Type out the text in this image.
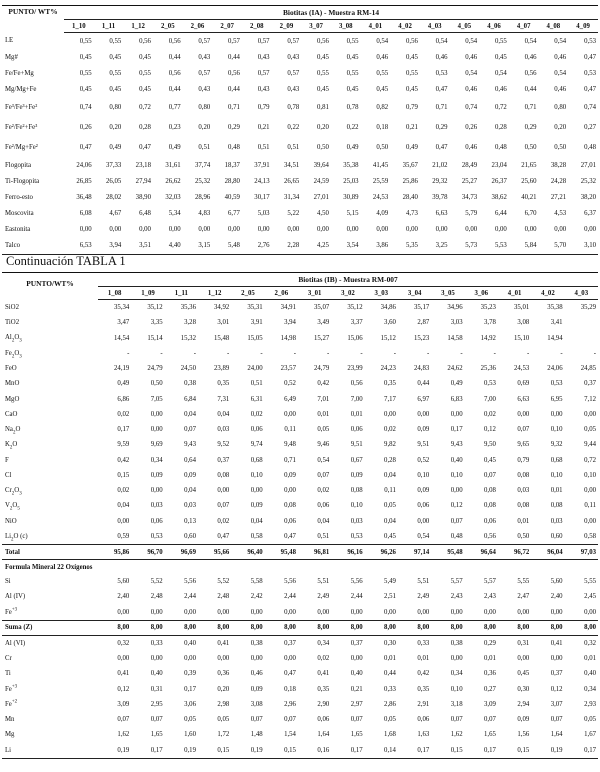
PUNTO/ WT%	Biotitas (IA) - Muestra RM-14																	
	1_10	1_11	1_12	2_05	2_06	2_07	2_08	2_09	3_07	3_08	4_01	4_02	4_03	4_05	4_06	4_07	4_08	4_09
I.E	0,55	0,55	0,56	0,56	0,57	0,57	0,57	0,57	0,56	0,55	0,54	0,56	0,54	0,54	0,55	0,54	0,54	0,53
Mg#	0,45	0,45	0,45	0,44	0,43	0,44	0,43	0,43	0,45	0,45	0,46	0,45	0,46	0,46	0,45	0,46	0,46	0,47
Fe/Fe+Mg	0,55	0,55	0,55	0,56	0,57	0,56	0,57	0,57	0,55	0,55	0,55	0,55	0,53	0,54	0,54	0,56	0,54	0,53
Mg/Mg+Fe	0,45	0,45	0,45	0,44	0,43	0,44	0,43	0,43	0,45	0,45	0,45	0,45	0,47	0,46	0,46	0,44	0,46	0,47
Fe³/Fe³+Fe²	0,74	0,80	0,72	0,77	0,80	0,71	0,79	0,78	0,81	0,78	0,82	0,79	0,71	0,74	0,72	0,71	0,80	0,74
Fe²/Fe²+Fe³	0,26	0,20	0,28	0,23	0,20	0,29	0,21	0,22	0,20	0,22	0,18	0,21	0,29	0,26	0,28	0,29	0,20	0,27
Fe²/Mg+Fe²	0,47	0,49	0,47	0,49	0,51	0,48	0,51	0,51	0,50	0,49	0,50	0,49	0,47	0,46	0,48	0,50	0,50	0,48
Flogopita	24,06	37,33	23,18	31,61	37,74	18,37	37,91	34,51	39,64	35,38	41,45	35,67	21,02	28,49	23,04	21,65	38,28	27,01
Ti-Flogopita	26,85	26,05	27,94	26,62	25,32	28,80	24,13	26,65	24,59	25,03	25,59	25,86	29,32	25,27	26,37	25,60	24,28	25,32
Ferro-esto	36,48	28,02	38,90	32,03	28,96	40,59	30,17	31,34	27,01	30,89	24,53	28,40	39,78	34,73	38,62	40,21	27,21	38,20
Moscovita	6,08	4,67	6,48	5,34	4,83	6,77	5,03	5,22	4,50	5,15	4,09	4,73	6,63	5,79	6,44	6,70	4,53	6,37
Eastonita	0,00	0,00	0,00	0,00	0,00	0,00	0,00	0,00	0,00	0,00	0,00	0,00	0,00	0,00	0,00	0,00	0,00	0,00
Talco	6,53	3,94	3,51	4,40	3,15	5,48	2,76	2,28	4,25	3,54	3,86	5,35	3,25	5,73	5,53	5,84	5,70	3,10
Continuación TABLA 1
PUNTO/WT%	Biotitas (IB) - Muestra RM-007														
	1_08	1_09	1_11	1_12	2_05	2_06	3_01	3_02	3_03	3_04	3_05	3_06	4_01	4_02	4_03
SiO2	35,34	35,12	35,36	34,92	35,31	34,91	35,07	35,12	34,86	35,17	34,96	35,23	35,01	35,38	35,29
TiO2	3,47	3,35	3,28	3,01	3,91	3,94	3,49	3,37	3,60	2,87	3,03	3,78	3,08	3,41	
$Al_2O_3$	14,54	15,14	15,32	15,48	15,05	14,98	15,27	15,06	15,12	15,23	14,58	14,92	15,10	14,94	
$Fe_2O_3$	-	-	-	-	-	-	-	-	-	-	-	-	-	-	-
FeO	24,19	24,79	24,50	23,89	24,00	23,57	24,79	23,99	24,23	24,83	24,62	25,36	24,53	24,06	24,85
MnO	0,49	0,50	0,38	0,35	0,51	0,52	0,42	0,56	0,35	0,44	0,49	0,53	0,69	0,53	0,37
MgO	6,86	7,05	6,84	7,31	6,31	6,49	7,01	7,00	7,17	6,97	6,83	7,00	6,63	6,95	7,12
CaO	0,02	0,00	0,04	0,04	0,02	0,00	0,01	0,01	0,00	0,00	0,00	0,02	0,00	0,00	0,00
$Na_2O$	0,17	0,00	0,07	0,03	0,06	0,11	0,05	0,06	0,02	0,09	0,17	0,12	0,07	0,10	0,05
$K_2O$	9,59	9,69	9,43	9,52	9,74	9,48	9,46	9,51	9,82	9,51	9,43	9,50	9,65	9,32	9,44
F	0,42	0,34	0,64	0,37	0,68	0,71	0,54	0,67	0,28	0,52	0,40	0,45	0,79	0,68	0,72
Cl	0,15	0,09	0,09	0,08	0,10	0,09	0,07	0,09	0,04	0,10	0,10	0,07	0,08	0,10	0,10
$Cr_2O_3$	0,02	0,00	0,04	0,00	0,00	0,00	0,02	0,08	0,11	0,09	0,00	0,08	0,03	0,01	0,00
$V_2O_5$	0,04	0,03	0,03	0,07	0,09	0,08	0,06	0,10	0,05	0,06	0,12	0,08	0,08	0,08	0,11
NiO	0,00	0,06	0,13	0,02	0,04	0,06	0,04	0,03	0,04	0,00	0,07	0,06	0,01	0,03	0,00
$Li_2O$ (c)	0,59	0,53	0,60	0,47	0,58	0,47	0,51	0,53	0,45	0,54	0,48	0,56	0,50	0,60	0,58
Total	95,86	96,70	96,69	95,66	96,40	95,48	96,81	96,16	96,26	97,14	95,48	96,64	96,72	96,04	97,03
Formula Mineral 22 Oxígenos															
Si	5,60	5,52	5,56	5,52	5,58	5,56	5,51	5,56	5,49	5,51	5,57	5,57	5,55	5,60	5,55
Al (IV)	2,40	2,48	2,44	2,48	2,42	2,44	2,49	2,44	2,51	2,49	2,43	2,43	2,47	2,40	2,45
$Fe^{+3}$	0,00	0,00	0,00	0,00	0,00	0,00	0,00	0,00	0,00	0,00	0,00	0,00	0,00	0,00	0,00
Suma (Z)	8,00	8,00	8,00	8,00	8,00	8,00	8,00	8,00	8,00	8,00	8,00	8,00	8,00	8,00	8,00
Al (VI)	0,32	0,33	0,40	0,41	0,38	0,37	0,34	0,37	0,30	0,33	0,38	0,29	0,31	0,41	0,32
Cr	0,00	0,00	0,00	0,00	0,00	0,00	0,02	0,00	0,01	0,01	0,00	0,01	0,00	0,00	0,01
Ti	0,41	0,40	0,39	0,36	0,46	0,47	0,41	0,40	0,44	0,42	0,34	0,36	0,45	0,37	0,40
$Fe^{+3}$	0,12	0,31	0,17	0,20	0,09	0,18	0,35	0,21	0,33	0,35	0,10	0,27	0,30	0,12	0,34
$Fe^{+2}$	3,09	2,95	3,06	2,98	3,08	2,96	2,90	2,97	2,86	2,91	3,18	3,09	2,94	3,07	2,93
Mn	0,07	0,07	0,05	0,05	0,07	0,07	0,06	0,07	0,05	0,06	0,07	0,07	0,09	0,07	0,05
Mg	1,62	1,65	1,60	1,72	1,48	1,54	1,64	1,65	1,68	1,63	1,62	1,65	1,56	1,64	1,67
Li	0,19	0,17	0,19	0,15	0,19	0,15	0,16	0,17	0,14	0,17	0,15	0,17	0,15	0,19	0,17
